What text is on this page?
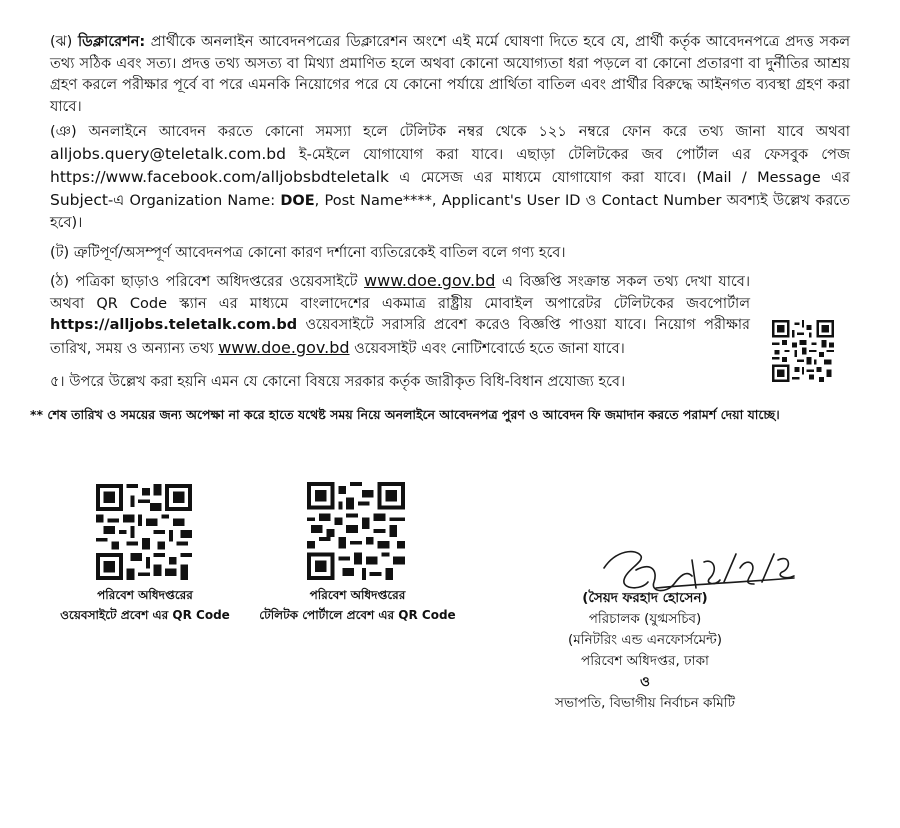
(ঝ) ডিক্লারেশন: প্রার্থীকে অনলাইন আবেদনপত্রের ডিক্লারেশন অংশে এই মর্মে ঘোষণা দিতে হবে যে, প্রার্থী কর্তৃক আবেদনপত্রে প্রদত্ত সকল তথ্য সঠিক এবং সত্য। প্রদত্ত তথ্য অসত্য বা মিথ্যা প্রমাণিত হলে অথবা কোনো অযোগ্যতা ধরা পড়লে বা কোনো প্রতারণা বা দুর্নীতির আশ্রয় গ্রহণ করলে পরীক্ষার পূর্বে বা পরে এমনকি নিয়োগের পরে যে কোনো পর্যায়ে প্রার্থিতা বাতিল এবং প্রার্থীর বিরুদ্ধে আইনগত ব্যবস্থা গ্রহণ করা যাবে।

(ঞ) অনলাইনে আবেদন করতে কোনো সমস্যা হলে টেলিটক নম্বর থেকে ১২১ নম্বরে ফোন করে তথ্য জানা যাবে অথবা alljobs.query@teletalk.com.bd ই-মেইলে যোগাযোগ করা যাবে। এছাড়া টেলিটকের জব পোর্টাল এর ফেসবুক পেজ https://www.facebook.com/alljobsbdteletalk এ মেসেজ এর মাধ্যমে যোগাযোগ করা যাবে। (Mail / Message এর Subject-এ Organization Name: DOE, Post Name****, Applicant's User ID ও Contact Number অবশ্যই উল্লেখ করতে হবে)।

(ট) ত্রুটিপূর্ণ/অসম্পূর্ণ আবেদনপত্র কোনো কারণ দর্শানো ব্যতিরেকেই বাতিল বলে গণ্য হবে।

(ঠ) পত্রিকা ছাড়াও পরিবেশ অধিদপ্তরের ওয়েবসাইটে www.doe.gov.bd এ বিজ্ঞপ্তি সংক্রান্ত সকল তথ্য দেখা যাবে। অথবা QR Code স্ক্যান এর মাধ্যমে বাংলাদেশের একমাত্র রাষ্ট্রীয় মোবাইল অপারেটর টেলিটকের জবপোর্টাল https://alljobs.teletalk.com.bd ওয়েবসাইটে সরাসরি প্রবেশ করেও বিজ্ঞপ্তি পাওয়া যাবে। নিয়োগ পরীক্ষার তারিখ, সময় ও অন্যান্য তথ্য www.doe.gov.bd ওয়েবসাইট এবং নোটিশবোর্ডে হতে জানা যাবে।

৫। উপরে উল্লেখ করা হয়নি এমন যে কোনো বিষয়ে সরকার কর্তৃক জারীকৃত বিধি-বিধান প্রযোজ্য হবে।

** শেষ তারিখ ও সময়ের জন্য অপেক্ষা না করে হাতে যথেষ্ট সময় নিয়ে অনলাইনে আবেদনপত্র পুরণ ও আবেদন ফি জমাদান করতে পরামর্শ দেয়া যাচ্ছে।
পরিবেশ অধিদপ্তরের
ওয়েবসাইটে প্রবেশ এর QR Code
পরিবেশ অধিদপ্তরের
টেলিটক পোর্টালে প্রবেশ এর QR Code
(সৈয়দ ফরহাদ হোসেন)
পরিচালক (যুগ্মসচিব)
(মনিটরিং এন্ড এনফোর্সমেন্ট)
পরিবেশ অধিদপ্তর, ঢাকা
ও
সভাপতি, বিভাগীয় নির্বাচন কমিটি
